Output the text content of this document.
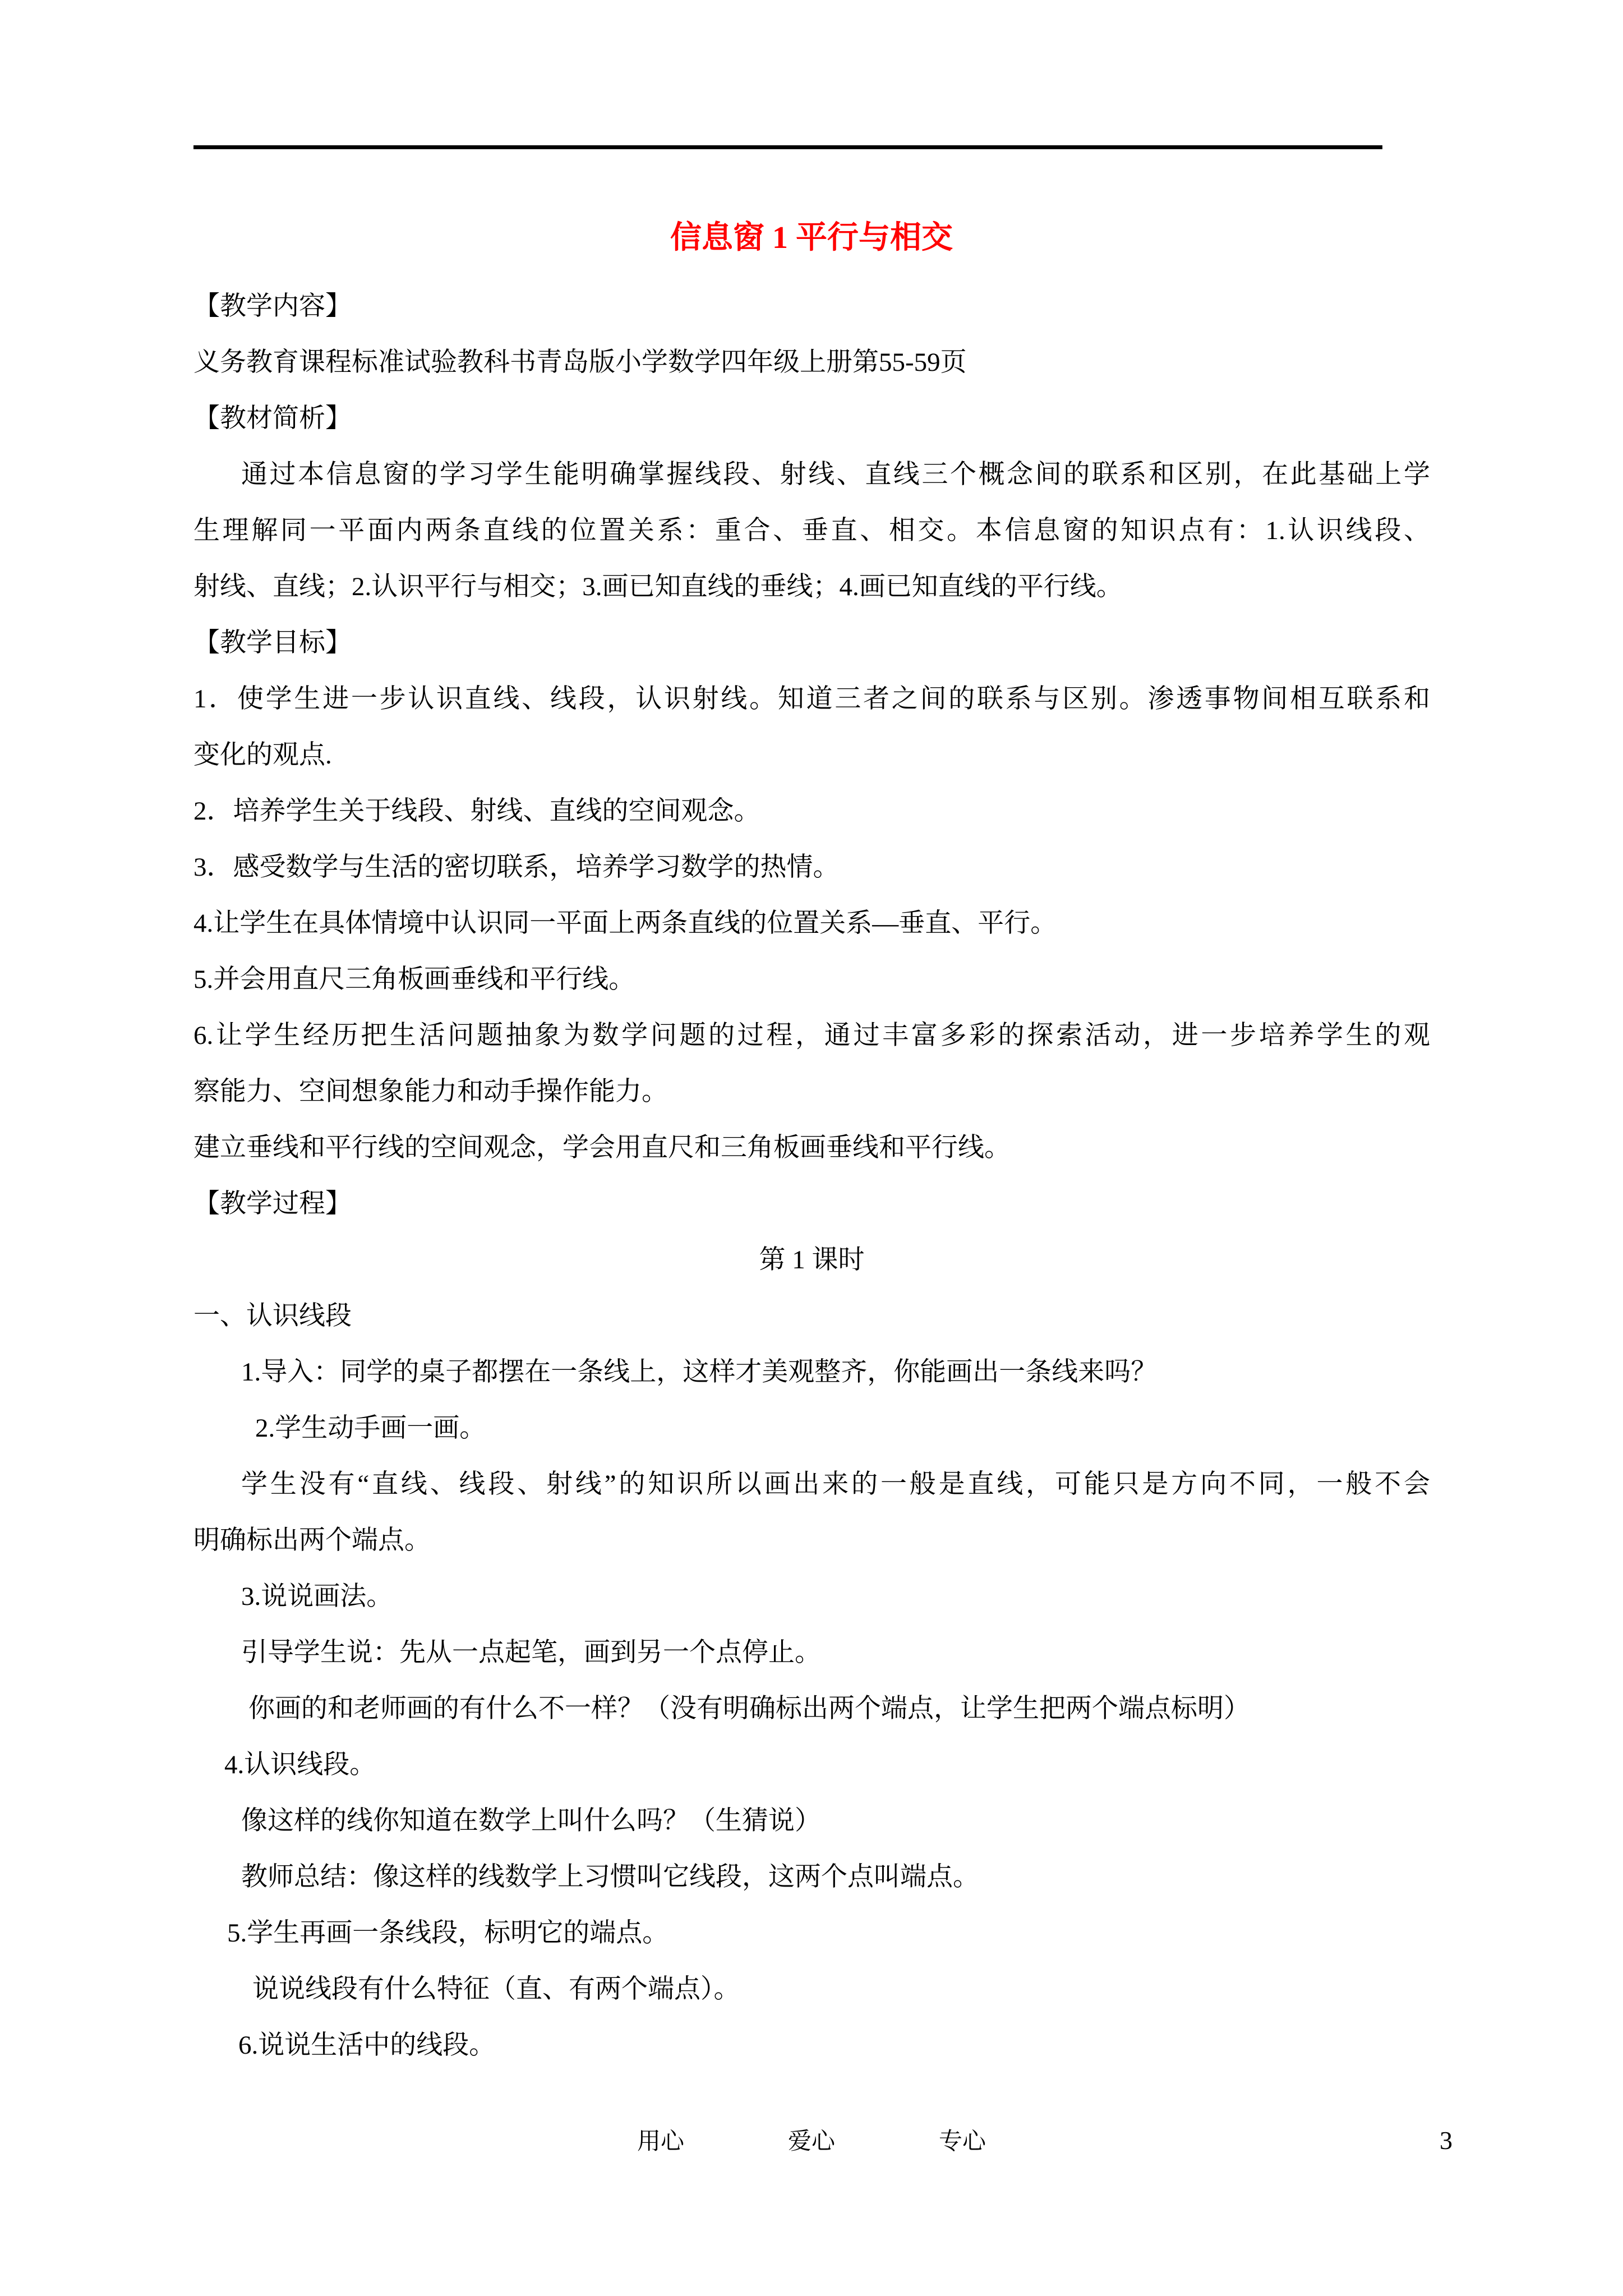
信息窗 1 平行与相交
【教学内容】
义务教育课程标准试验教科书青岛版小学数学四年级上册第55-59页
【教材简析】
通过本信息窗的学习学生能明确掌握线段、射线、直线三个概念间的联系和区别，在此基础上学
生理解同一平面内两条直线的位置关系：重合、垂直、相交。本信息窗的知识点有：1.认识线段、
射线、直线；2.认识平行与相交；3.画已知直线的垂线；4.画已知直线的平行线。
【教学目标】
1．使学生进一步认识直线、线段，认识射线。知道三者之间的联系与区别。渗透事物间相互联系和
变化的观点.
2．培养学生关于线段、射线、直线的空间观念。
3．感受数学与生活的密切联系，培养学习数学的热情。
4.让学生在具体情境中认识同一平面上两条直线的位置关系—垂直、平行。
5.并会用直尺三角板画垂线和平行线。
6.让学生经历把生活问题抽象为数学问题的过程，通过丰富多彩的探索活动，进一步培养学生的观
察能力、空间想象能力和动手操作能力。
建立垂线和平行线的空间观念，学会用直尺和三角板画垂线和平行线。
【教学过程】
第 1 课时
一、认识线段
1.导入：同学的桌子都摆在一条线上，这样才美观整齐，你能画出一条线来吗？
2.学生动手画一画。
学生没有“直线、线段、射线”的知识所以画出来的一般是直线，可能只是方向不同，一般不会
明确标出两个端点。
3.说说画法。
引导学生说：先从一点起笔，画到另一个点停止。
你画的和老师画的有什么不一样？（没有明确标出两个端点，让学生把两个端点标明）
4.认识线段。
像这样的线你知道在数学上叫什么吗？（生猜说）
教师总结：像这样的线数学上习惯叫它线段，这两个点叫端点。
5.学生再画一条线段，标明它的端点。
说说线段有什么特征（直、有两个端点）。
6.说说生活中的线段。
用心	爱心	专心	3
